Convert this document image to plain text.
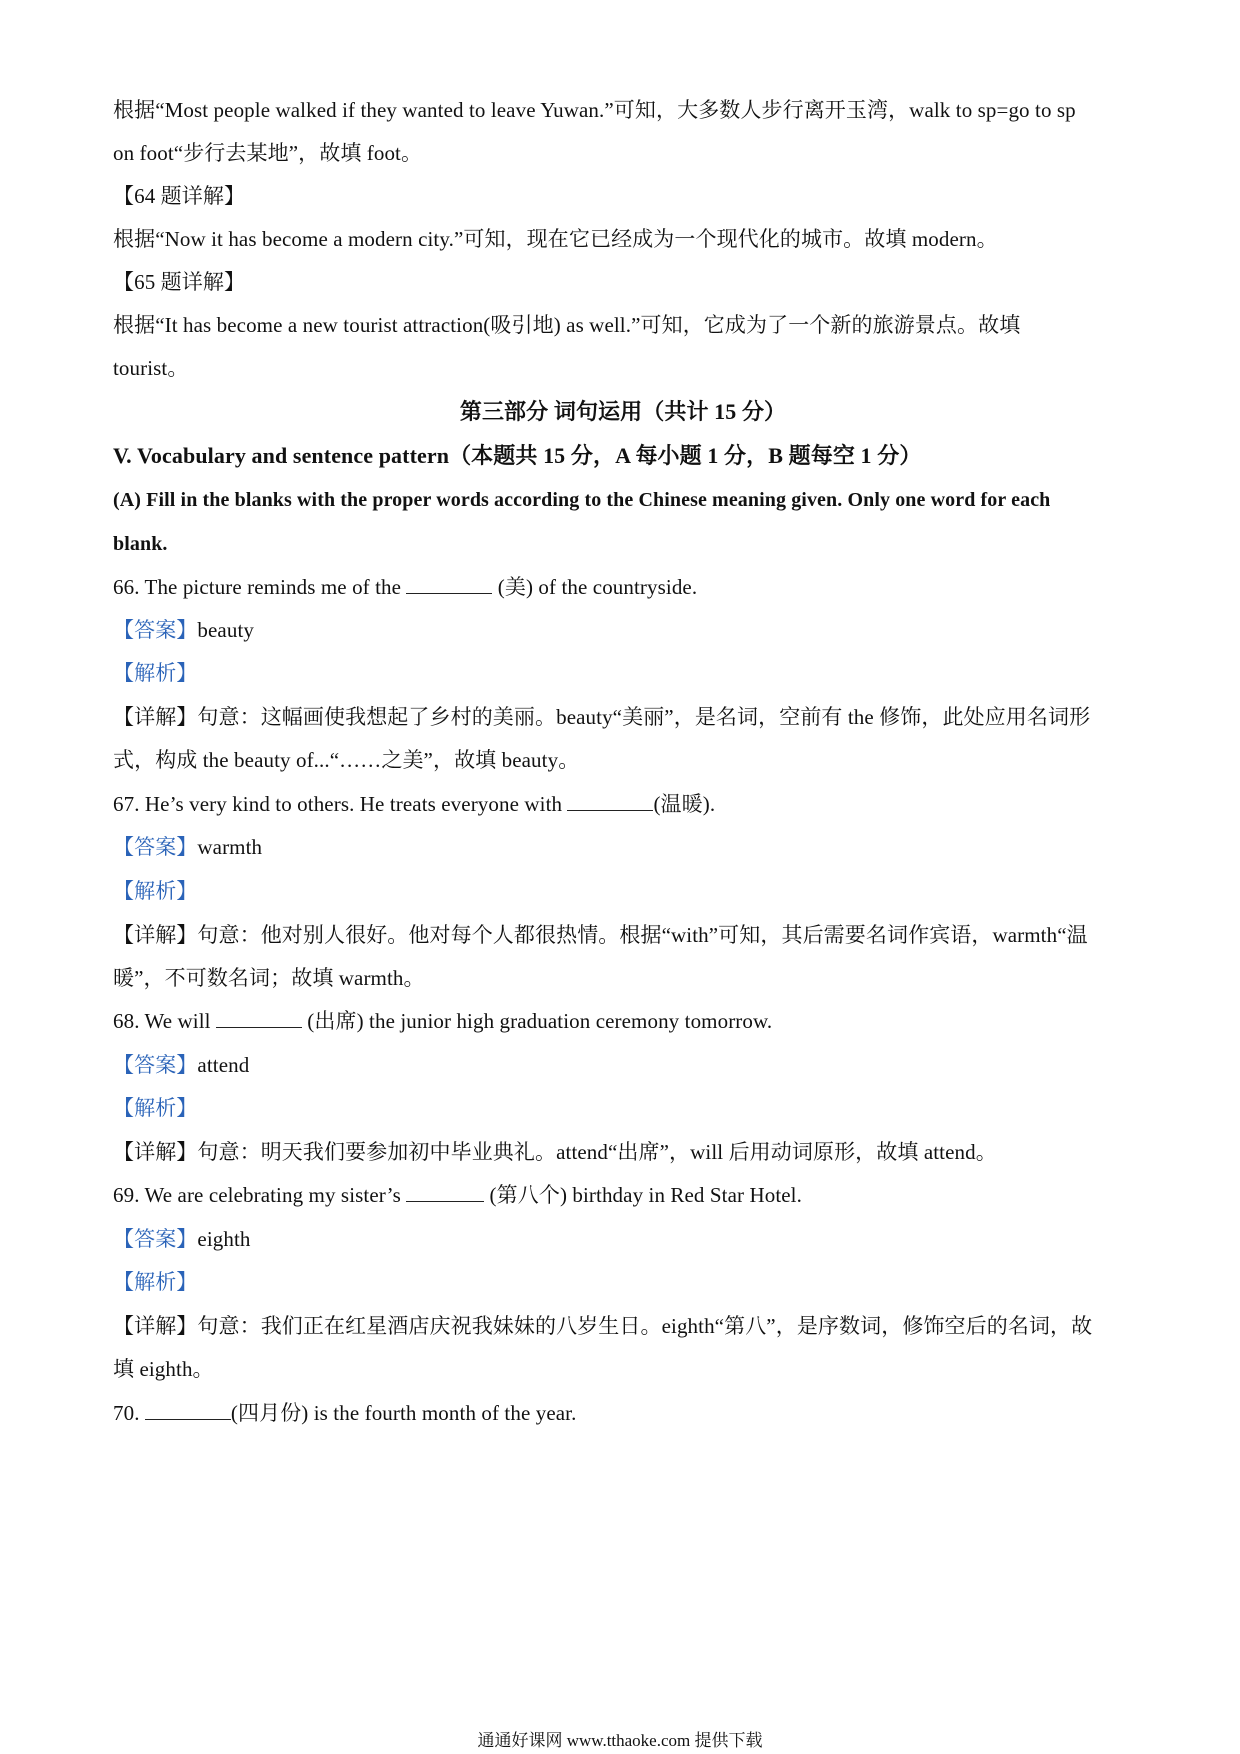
根据“Most people walked if they wanted to leave Yuwan.”可知，大多数人步行离开玉湾，walk to sp=go to sp
on foot“步行去某地”，故填 foot。
【64 题详解】
根据“Now it has become a modern city.”可知，现在它已经成为一个现代化的城市。故填 modern。
【65 题详解】
根据“It has become a new tourist attraction(吸引地) as well.”可知，它成为了一个新的旅游景点。故填
tourist。
第三部分 词句运用（共计 15 分）
V. Vocabulary and sentence pattern（本题共 15 分，A 每小题 1 分，B 题每空 1 分）
(A) Fill in the blanks with the proper words according to the Chinese meaning given. Only one word for each
blank.
66. The picture reminds me of the	(美) of the countryside.
【答案】beauty
【解析】
【详解】句意：这幅画使我想起了乡村的美丽。beauty“美丽”，是名词，空前有 the 修饰，此处应用名词形
式，构成 the beauty of...“……之美”，故填 beauty。
67. He’s very kind to others. He treats everyone with	(温暖).
【答案】warmth
【解析】
【详解】句意：他对别人很好。他对每个人都很热情。根据“with”可知，其后需要名词作宾语，warmth“温
暖”，不可数名词；故填 warmth。
68. We will	(出席) the junior high graduation ceremony tomorrow.
【答案】attend
【解析】
【详解】句意：明天我们要参加初中毕业典礼。attend“出席”，will 后用动词原形，故填 attend。
69. We are celebrating my sister’s	(第八个) birthday in Red Star Hotel.
【答案】eighth
【解析】
【详解】句意：我们正在红星酒店庆祝我妹妹的八岁生日。eighth“第八”，是序数词，修饰空后的名词，故
填 eighth。
70.	(四月份) is the fourth month of the year.
通通好课网 www.tthaoke.com 提供下载
